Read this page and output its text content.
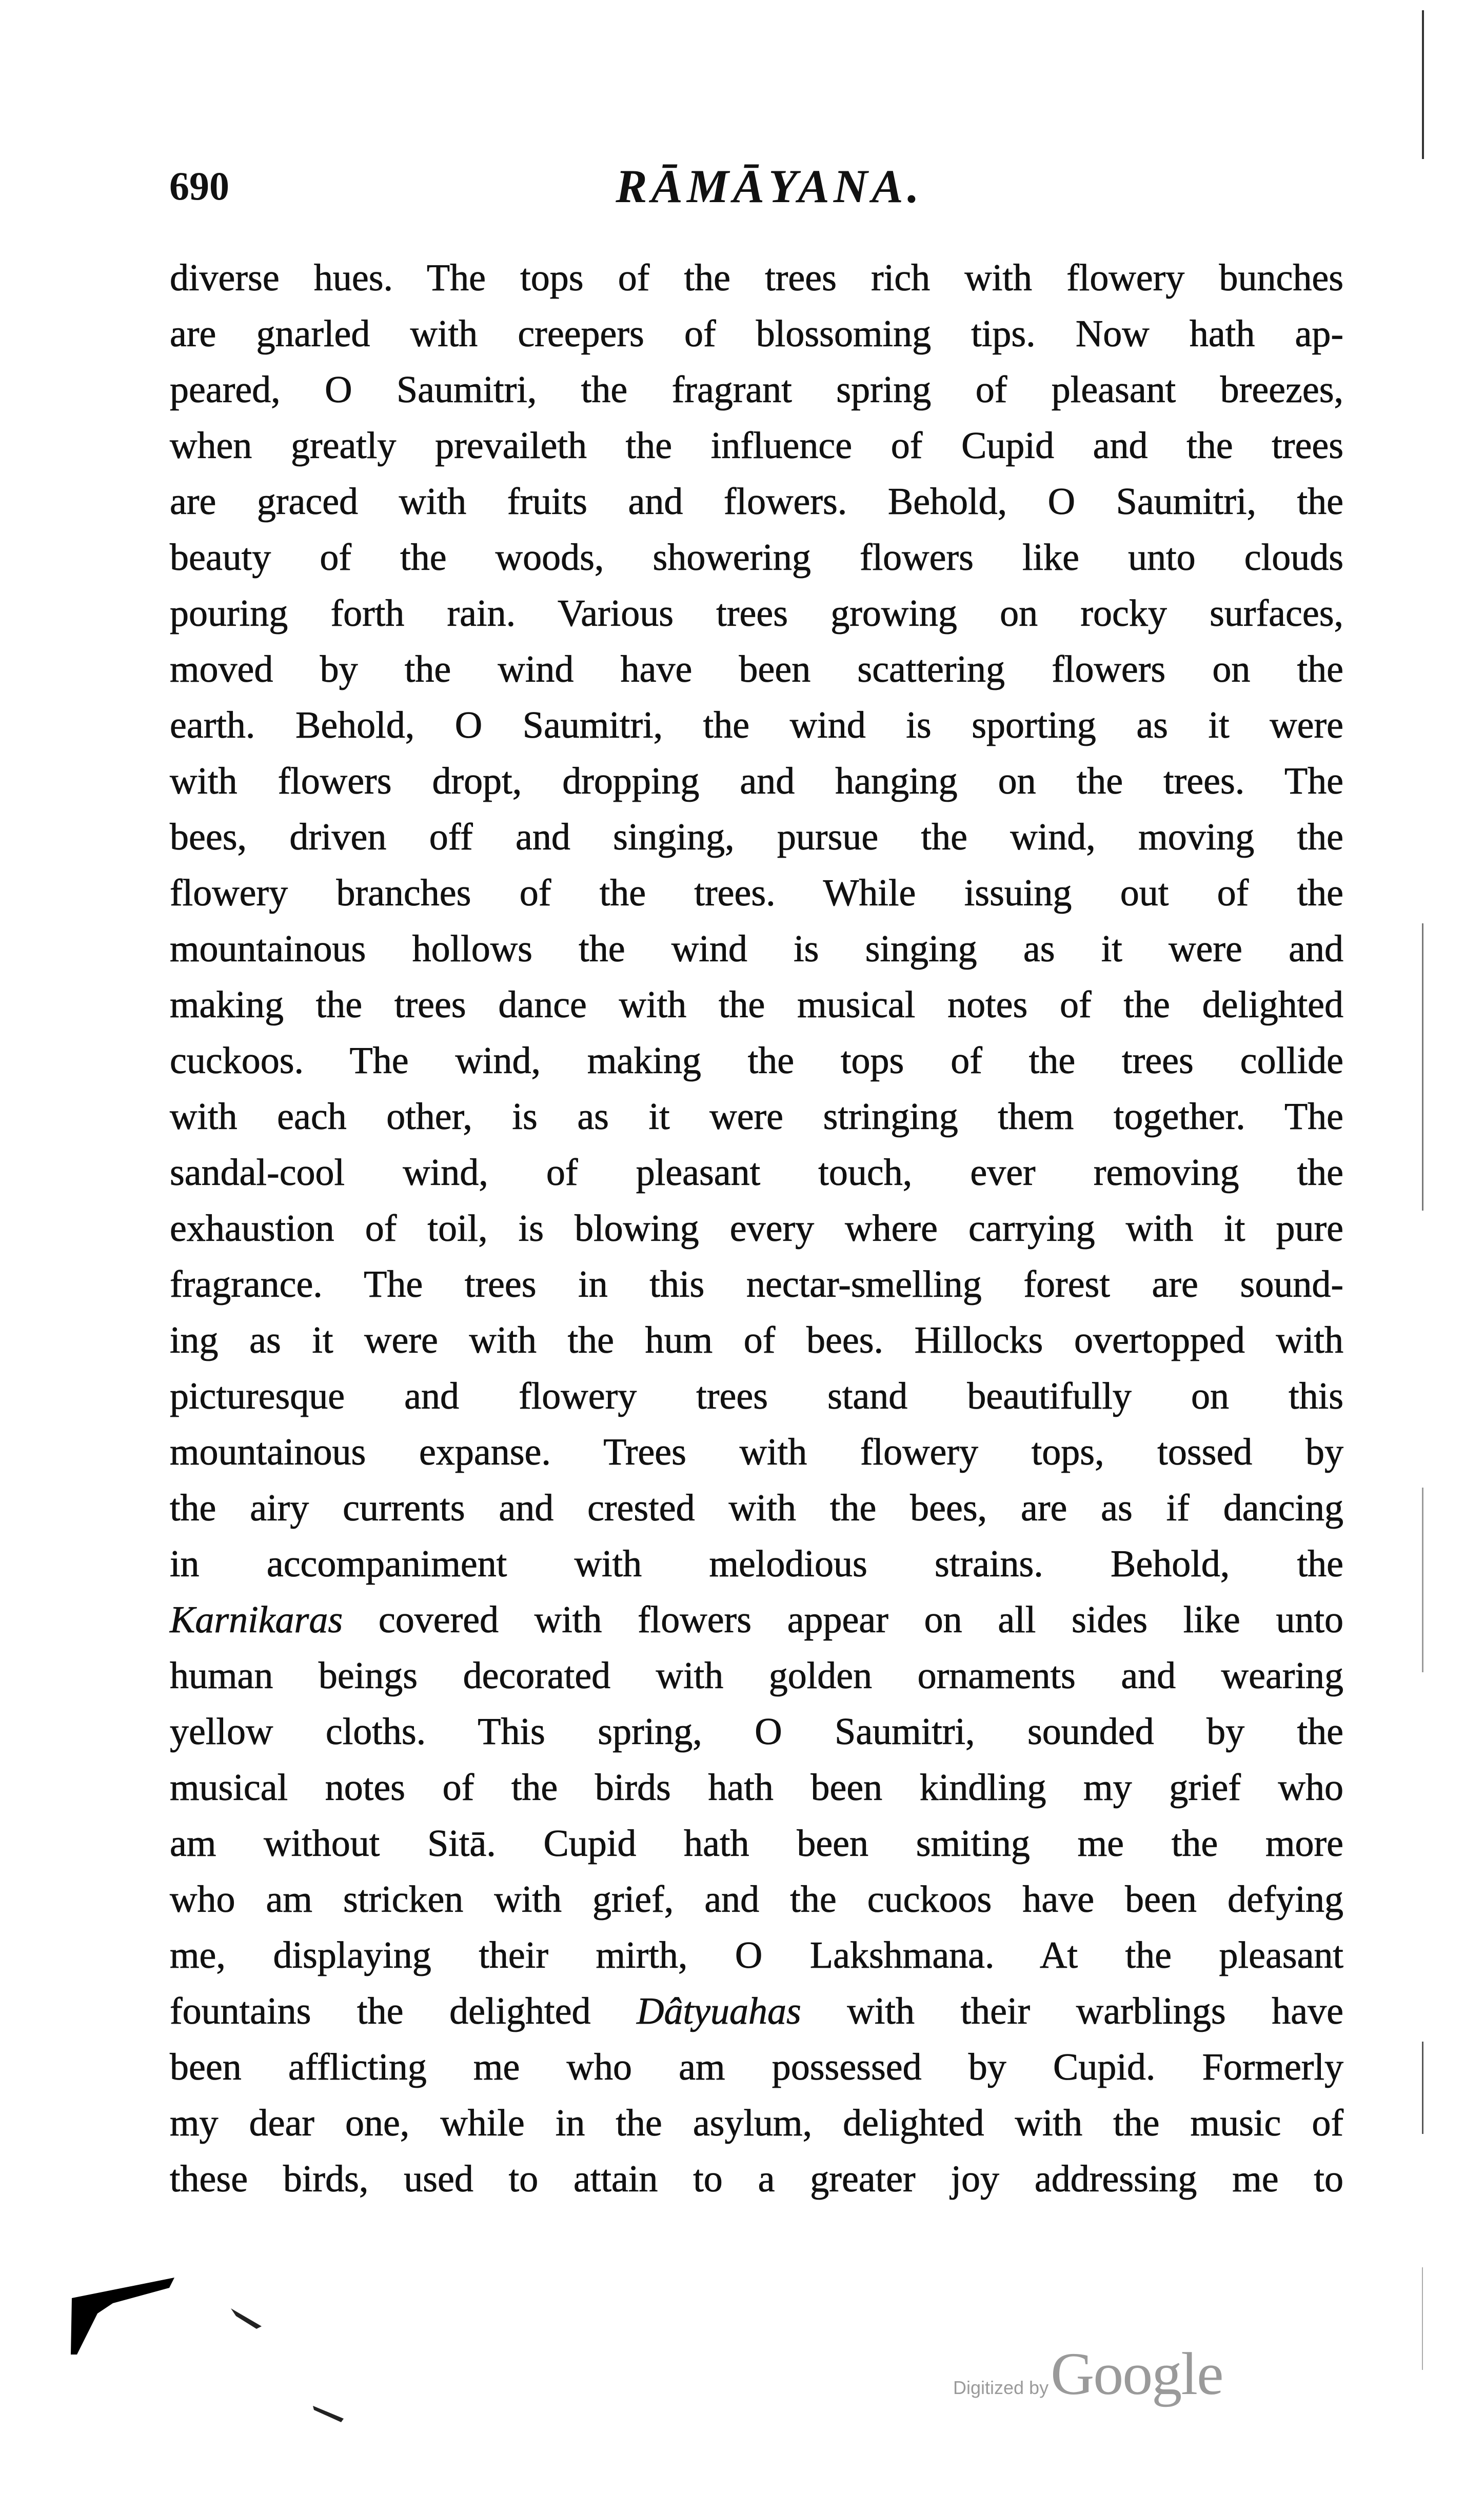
690	RĀMĀYANA.
diverse hues. The tops of the trees rich with flowery bunches
are gnarled with creepers of blossoming tips. Now hath ap-
peared, O Saumitri, the fragrant spring of pleasant breezes,
when greatly prevaileth the influence of Cupid and the trees
are graced with fruits and flowers. Behold, O Saumitri, the
beauty of the woods, showering flowers like unto clouds
pouring forth rain. Various trees growing on rocky surfaces,
moved by the wind have been scattering flowers on the
earth. Behold, O Saumitri, the wind is sporting as it were
with flowers dropt, dropping and hanging on the trees. The
bees, driven off and singing, pursue the wind, moving the
flowery branches of the trees. While issuing out of the
mountainous hollows the wind is singing as it were and
making the trees dance with the musical notes of the delighted
cuckoos. The wind, making the tops of the trees collide
with each other, is as it were stringing them together. The
sandal-cool wind, of pleasant touch, ever removing the
exhaustion of toil, is blowing every where carrying with it pure
fragrance. The trees in this nectar-smelling forest are sound-
ing as it were with the hum of bees. Hillocks overtopped with
picturesque and flowery trees stand beautifully on this
mountainous expanse. Trees with flowery tops, tossed by
the airy currents and crested with the bees, are as if dancing
in accompaniment with melodious strains. Behold, the
Karnikaras covered with flowers appear on all sides like unto
human beings decorated with golden ornaments and wearing
yellow cloths. This spring, O Saumitri, sounded by the
musical notes of the birds hath been kindling my grief who
am without Sitā. Cupid hath been smiting me the more
who am stricken with grief, and the cuckoos have been defying
me, displaying their mirth, O Lakshmana. At the pleasant
fountains the delighted Dâtyuahas with their warblings have
been afflicting me who am possessed by Cupid. Formerly
my dear one, while in the asylum, delighted with the music of
these birds, used to attain to a greater joy addressing me to
Digitized by Google
